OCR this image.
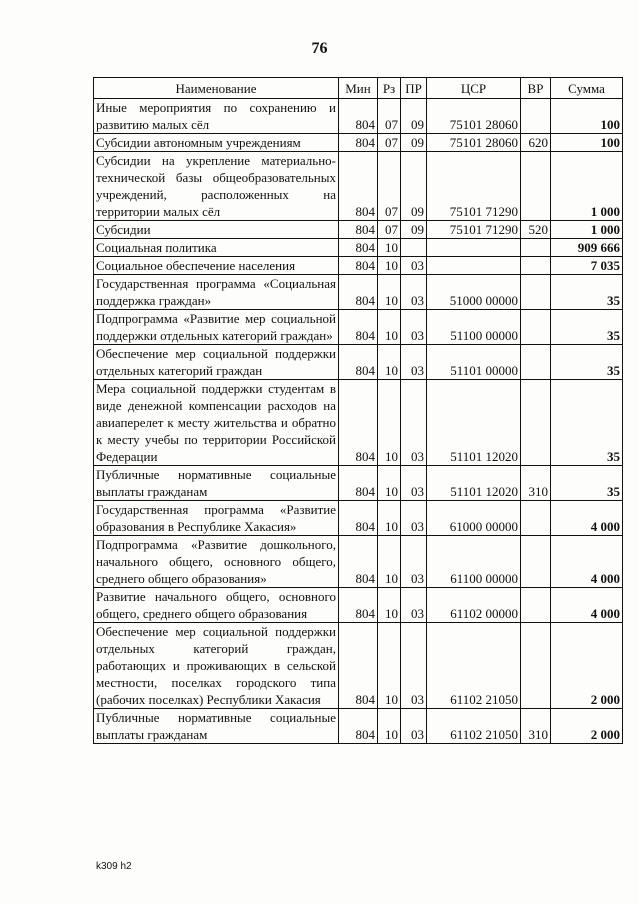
76
Наименование	Мин	Рз	ПР	ЦСР	ВР	Сумма
Иные мероприятия по сохранению и развитию малых сёл	804	07	09	75101 28060		100
Субсидии автономным учреждениям	804	07	09	75101 28060	620	100
Субсидии на укрепление материально-технической базы общеобразовательных учреждений, расположенных на территории малых сёл	804	07	09	75101 71290		1 000
Субсидии	804	07	09	75101 71290	520	1 000
Социальная политика	804	10				909 666
Социальное обеспечение населения	804	10	03			7 035
Государственная программа «Социальная поддержка граждан»	804	10	03	51000 00000		35
Подпрограмма «Развитие мер социальной поддержки отдельных категорий граждан»	804	10	03	51100 00000		35
Обеспечение мер социальной поддержки отдельных категорий граждан	804	10	03	51101 00000		35
Мера социальной поддержки студентам в виде денежной компенсации расходов на авиаперелет к месту жительства и обратно к месту учебы по территории Российской Федерации	804	10	03	51101 12020		35
Публичные нормативные социальные выплаты гражданам	804	10	03	51101 12020	310	35
Государственная программа «Развитие образования в Республике Хакасия»	804	10	03	61000 00000		4 000
Подпрограмма «Развитие дошкольного, начального общего, основного общего, среднего общего образования»	804	10	03	61100 00000		4 000
Развитие начального общего, основного общего, среднего общего образования	804	10	03	61102 00000		4 000
Обеспечение мер социальной поддержки отдельных категорий граждан, работающих и проживающих в сельской местности, поселках городского типа (рабочих поселках) Республики Хакасия	804	10	03	61102 21050		2 000
Публичные нормативные социальные выплаты гражданам	804	10	03	61102 21050	310	2 000
k309 h2
